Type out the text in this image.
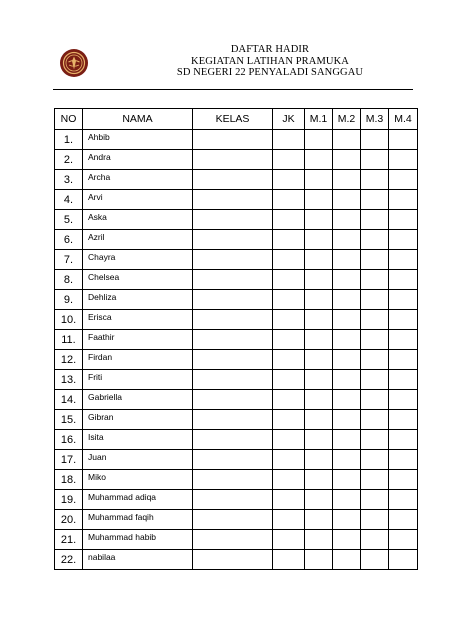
DAFTAR HADIR
KEGIATAN LATIHAN PRAMUKA
SD NEGERI 22 PENYALADI SANGGAU
NO	NAMA	KELAS	JK	M.1	M.2	M.3	M.4
1.	Ahbib						
2.	Andra						
3.	Archa						
4.	Arvi						
5.	Aska						
6.	Azril						
7.	Chayra						
8.	Chelsea						
9.	Dehliza						
10.	Erisca						
11.	Faathir						
12.	Firdan						
13.	Friti						
14.	Gabriella						
15.	Gibran						
16.	Isita						
17.	Juan						
18.	Miko						
19.	Muhammad adiqa						
20.	Muhammad faqih						
21.	Muhammad habib						
22.	nabilaa						
